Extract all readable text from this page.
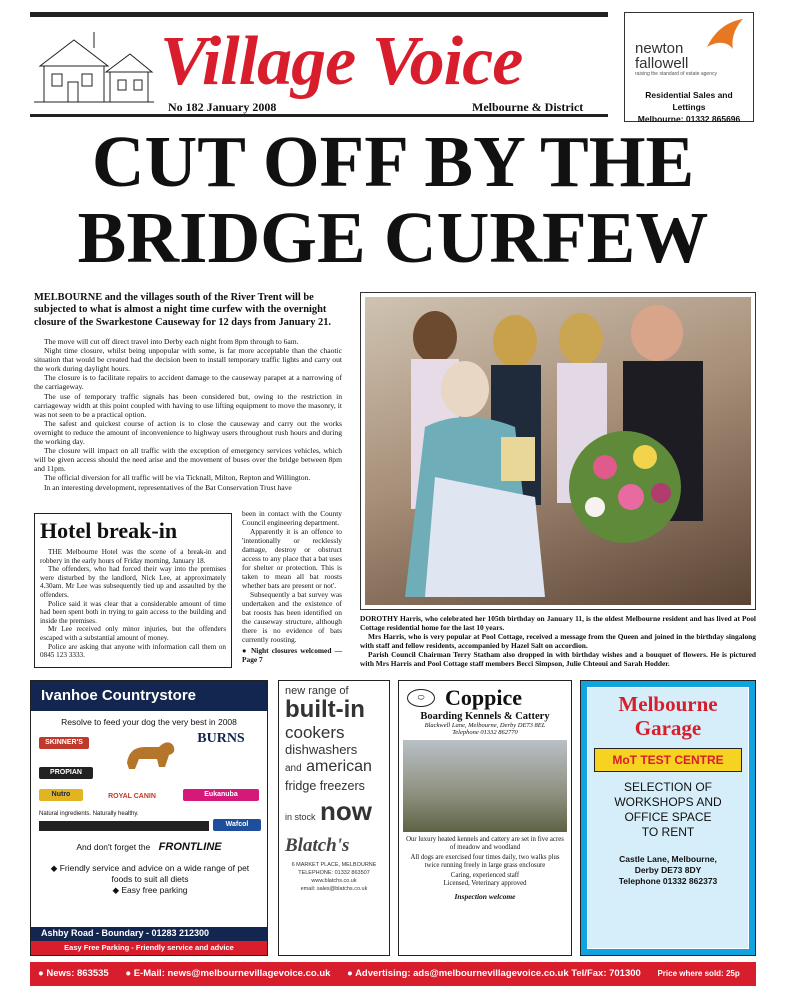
Village Voice
No 182 January 2008	Melbourne & District
newton
fallowell
raising the standard of estate agency
Residential Sales and Lettings
Melbourne: 01332 865696
CUT OFF BY THE
BRIDGE CURFEW
MELBOURNE and the villages south of the River Trent will be subjected to what is almost a night time curfew with the overnight closure of the Swarkestone Causeway for 12 days from January 21.

The move will cut off direct travel into Derby each night from 8pm through to 6am.

Night time closure, whilst being unpopular with some, is far more acceptable than the chaotic situation that would be created had the decision been to install temporary traffic lights and carry out the work during daylight hours.

The closure is to facilitate repairs to accident damage to the causeway parapet at a narrowing of the carriageway.

The use of temporary traffic signals has been considered but, owing to the restriction in carriageway width at this point coupled with having to use lifting equipment to move the masonry, it was not seen to be a practical option.

The safest and quickest course of action is to close the causeway and carry out the works overnight to reduce the amount of inconvenience to highway users throughout rush hours and during the working day.

The closure will impact on all traffic with the exception of emergency services vehicles, which will be given access should the need arise and the movement of buses over the bridge between 8pm and 11pm.

The official diversion for all traffic will be via Ticknall, Milton, Repton and Willington.

In an interesting development, representatives of the Bat Conservation Trust have

Hotel break-in

THE Melbourne Hotel was the scene of a break-in and robbery in the early hours of Friday morning, January 18.

The offenders, who had forced their way into the premises were disturbed by the landlord, Nick Lee, at approximately 4.30am. Mr Lee was subsequently tied up and assaulted by the offenders.

Police said it was clear that a considerable amount of time had been spent both in trying to gain access to the building and inside the premises.

Mr Lee received only minor injuries, but the offenders escaped with a substantial amount of money.

Police are asking that anyone with information call them on 0845 123 3333.

been in contact with the County Council engineering department.

Apparently it is an offence to 'intentionally or recklessly damage, destroy or obstruct access to any place that a bat uses for shelter or protection. This is taken to mean all bat roosts whether bats are present or not'.

Subsequently a bat survey was undertaken and the existence of bat roosts has been identified on the causeway structure, although there is no evidence of bats currently roosting.

● Night closures welcomed — Page 7

DOROTHY Harris, who celebrated her 105th birthday on January 11, is the oldest Melbourne resident and has lived at Pool Cottage residential home for the last 10 years.

Mrs Harris, who is very popular at Pool Cottage, received a message from the Queen and joined in the birthday singalong with staff and fellow residents, accompanied by Hazel Salt on accordion.

Parish Council Chairman Terry Statham also dropped in with birthday wishes and a bouquet of flowers. He is pictured with Mrs Harris and Pool Cottage staff members Becci Simpson, Julie Chteoui and Sarah Hodder.

Ivanhoe Countrystore
Resolve to feed your dog the very best in 2008
SKINNER'S	BURNS
PROPIAN
Nutro	ROYAL CANIN	Eukanuba
Natural ingredients. Naturally healthy.
Wafcol
And don't forget the FRONTLINE
◆ Friendly service and advice on a wide range of pet foods to suit all diets
◆ Easy free parking
Ashby Road - Boundary - 01283 212300
Easy Free Parking - Friendly service and advice
new range of
built-in
cookers
dishwashers
and american
fridge freezers
in stock now
Blatch's
6 MARKET PLACE, MELBOURNE
TELEPHONE: 01332 863507
www.blatchs.co.uk
email: sales@blatchs.co.uk
⬭ Coppice
Boarding Kennels & Cattery
Blackwell Lane, Melbourne, Derby DE73 8EL
Telephone 01332 862770
Our luxury heated kennels and cattery are set in five acres of meadow and woodland
All dogs are exercised four times daily, two walks plus twice running freely in large grass enclosure
Caring, experienced staff
Licensed, Veterinary approved
Inspection welcome
Melbourne
Garage
MoT TEST CENTRE
SELECTION OF
WORKSHOPS AND
OFFICE SPACE
TO RENT
Castle Lane, Melbourne,
Derby DE73 8DY
Telephone 01332 862373
● News: 863535 ● E-Mail: news@melbournevillagevoice.co.uk ● Advertising: ads@melbournevillagevoice.co.uk Tel/Fax: 701300 Price where sold: 25p
